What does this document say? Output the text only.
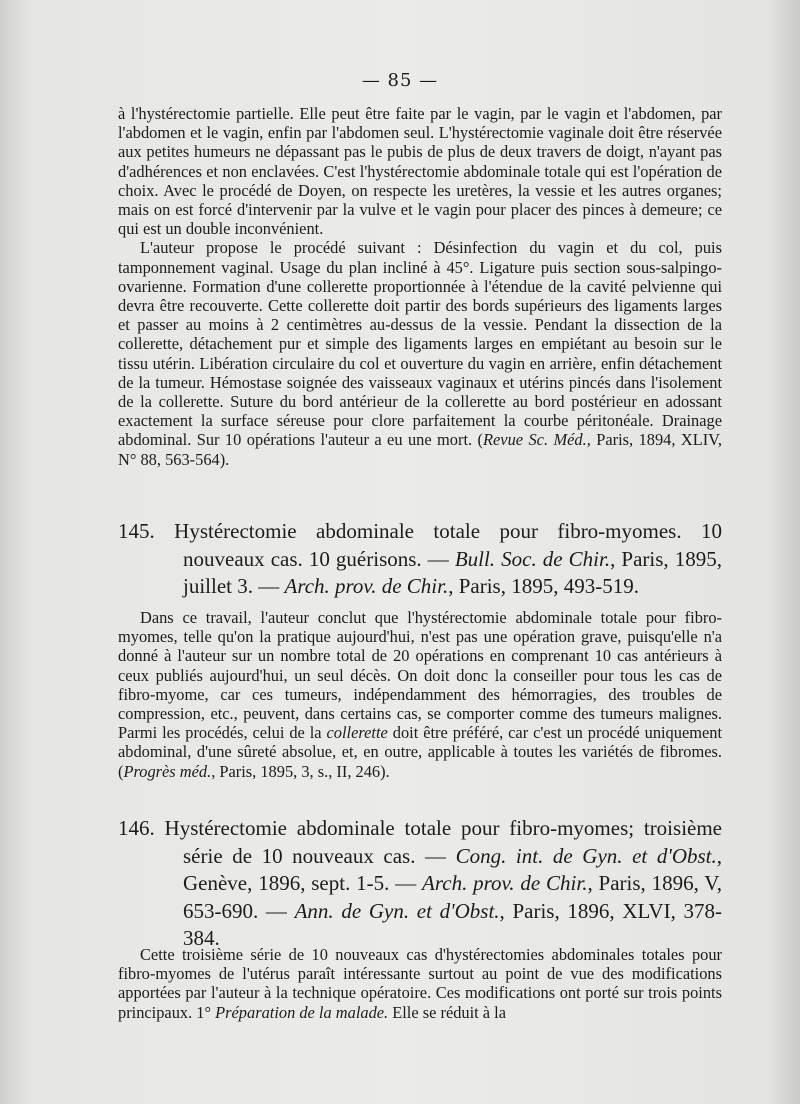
— 85 —

à l'hystérectomie partielle. Elle peut être faite par le vagin, par le vagin et l'abdomen, par l'abdomen et le vagin, enfin par l'abdomen seul. L'hystérectomie vaginale doit être réservée aux petites humeurs ne dépassant pas le pubis de plus de deux travers de doigt, n'ayant pas d'adhérences et non enclavées. C'est l'hystérectomie abdominale totale qui est l'opération de choix. Avec le procédé de Doyen, on respecte les uretères, la vessie et les autres organes; mais on est forcé d'intervenir par la vulve et le vagin pour placer des pinces à demeure; ce qui est un double inconvénient.

L'auteur propose le procédé suivant : Désinfection du vagin et du col, puis tamponnement vaginal. Usage du plan incliné à 45°. Ligature puis section sous-salpingo-ovarienne. Formation d'une collerette proportionnée à l'étendue de la cavité pelvienne qui devra être recouverte. Cette collerette doit partir des bords supérieurs des ligaments larges et passer au moins à 2 centimètres au-dessus de la vessie. Pendant la dissection de la collerette, détachement pur et simple des ligaments larges en empiétant au besoin sur le tissu utérin. Libération circulaire du col et ouverture du vagin en arrière, enfin détachement de la tumeur. Hémostase soignée des vaisseaux vaginaux et utérins pincés dans l'isolement de la collerette. Suture du bord antérieur de la collerette au bord postérieur en adossant exactement la surface séreuse pour clore parfaitement la courbe péritonéale. Drainage abdominal. Sur 10 opérations l'auteur a eu une mort. (Revue Sc. Méd., Paris, 1894, XLIV, N° 88, 563-564).

145. Hystérectomie abdominale totale pour fibro-myomes. 10 nouveaux cas. 10 guérisons. — Bull. Soc. de Chir., Paris, 1895, juillet 3. — Arch. prov. de Chir., Paris, 1895, 493-519.

Dans ce travail, l'auteur conclut que l'hystérectomie abdominale totale pour fibro-myomes, telle qu'on la pratique aujourd'hui, n'est pas une opération grave, puisqu'elle n'a donné à l'auteur sur un nombre total de 20 opérations en comprenant 10 cas antérieurs à ceux publiés aujourd'hui, un seul décès. On doit donc la conseiller pour tous les cas de fibro-myome, car ces tumeurs, indépendamment des hémorragies, des troubles de compression, etc., peuvent, dans certains cas, se comporter comme des tumeurs malignes. Parmi les procédés, celui de la collerette doit être préféré, car c'est un procédé uniquement abdominal, d'une sûreté absolue, et, en outre, applicable à toutes les variétés de fibromes. (Progrès méd., Paris, 1895, 3, s., II, 246).

146. Hystérectomie abdominale totale pour fibro-myomes; troisième série de 10 nouveaux cas. — Cong. int. de Gyn. et d'Obst., Genève, 1896, sept. 1-5. — Arch. prov. de Chir., Paris, 1896, V, 653-690. — Ann. de Gyn. et d'Obst., Paris, 1896, XLVI, 378-384.

Cette troisième série de 10 nouveaux cas d'hystérectomies abdominales totales pour fibro-myomes de l'utérus paraît intéressante surtout au point de vue des modifications apportées par l'auteur à la technique opératoire. Ces modifications ont porté sur trois points principaux. 1° Préparation de la malade. Elle se réduit à la
